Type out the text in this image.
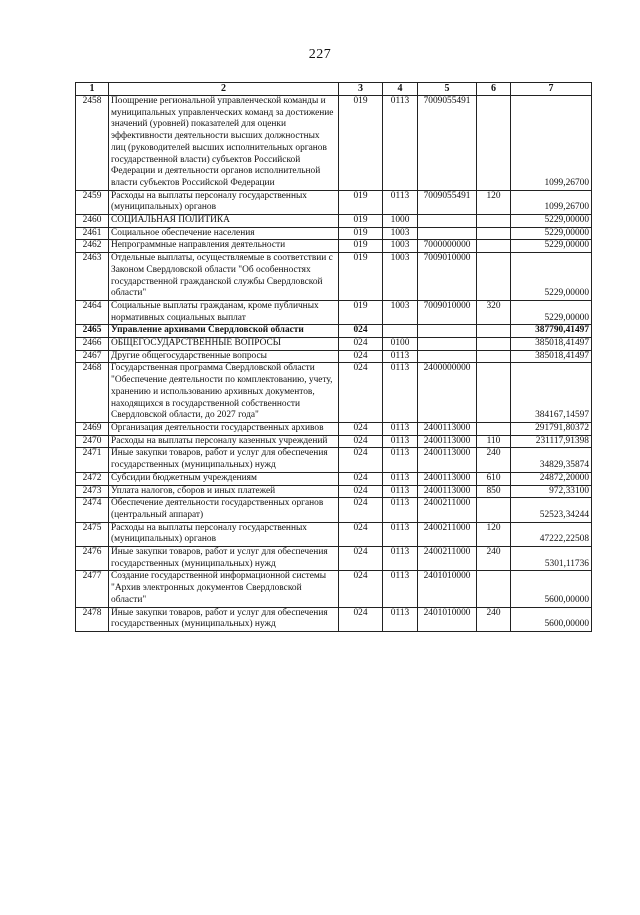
227
1	2	3	4	5	6	7
2458	Поощрение региональной управленческой команды и муниципальных управленческих команд за достижение значений (уровней) показателей для оценки эффективности деятельности высших должностных лиц (руководителей высших исполнительных органов государственной власти) субъектов Российской Федерации и деятельности органов исполнительной власти субъектов Российской Федерации	019	0113	7009055491		1099,26700
2459	Расходы на выплаты персоналу государственных (муниципальных) органов	019	0113	7009055491	120	1099,26700
2460	СОЦИАЛЬНАЯ ПОЛИТИКА	019	1000			5229,00000
2461	Социальное обеспечение населения	019	1003			5229,00000
2462	Непрограммные направления деятельности	019	1003	7000000000		5229,00000
2463	Отдельные выплаты, осуществляемые в соответствии с Законом Свердловской области "Об особенностях государственной гражданской службы Свердловской области"	019	1003	7009010000		5229,00000
2464	Социальные выплаты гражданам, кроме публичных нормативных социальных выплат	019	1003	7009010000	320	5229,00000
2465	Управление архивами Свердловской области	024				387790,41497
2466	ОБЩЕГОСУДАРСТВЕННЫЕ ВОПРОСЫ	024	0100			385018,41497
2467	Другие общегосударственные вопросы	024	0113			385018,41497
2468	Государственная программа Свердловской области "Обеспечение деятельности по комплектованию, учету, хранению и использованию архивных документов, находящихся в государственной собственности Свердловской области, до 2027 года"	024	0113	2400000000		384167,14597
2469	Организация деятельности государственных архивов	024	0113	2400113000		291791,80372
2470	Расходы на выплаты персоналу казенных учреждений	024	0113	2400113000	110	231117,91398
2471	Иные закупки товаров, работ и услуг для обеспечения государственных (муниципальных) нужд	024	0113	2400113000	240	34829,35874
2472	Субсидии бюджетным учреждениям	024	0113	2400113000	610	24872,20000
2473	Уплата налогов, сборов и иных платежей	024	0113	2400113000	850	972,33100
2474	Обеспечение деятельности государственных органов (центральный аппарат)	024	0113	2400211000		52523,34244
2475	Расходы на выплаты персоналу государственных (муниципальных) органов	024	0113	2400211000	120	47222,22508
2476	Иные закупки товаров, работ и услуг для обеспечения государственных (муниципальных) нужд	024	0113	2400211000	240	5301,11736
2477	Создание государственной информационной системы "Архив электронных документов Свердловской области"	024	0113	2401010000		5600,00000
2478	Иные закупки товаров, работ и услуг для обеспечения государственных (муниципальных) нужд	024	0113	2401010000	240	5600,00000
